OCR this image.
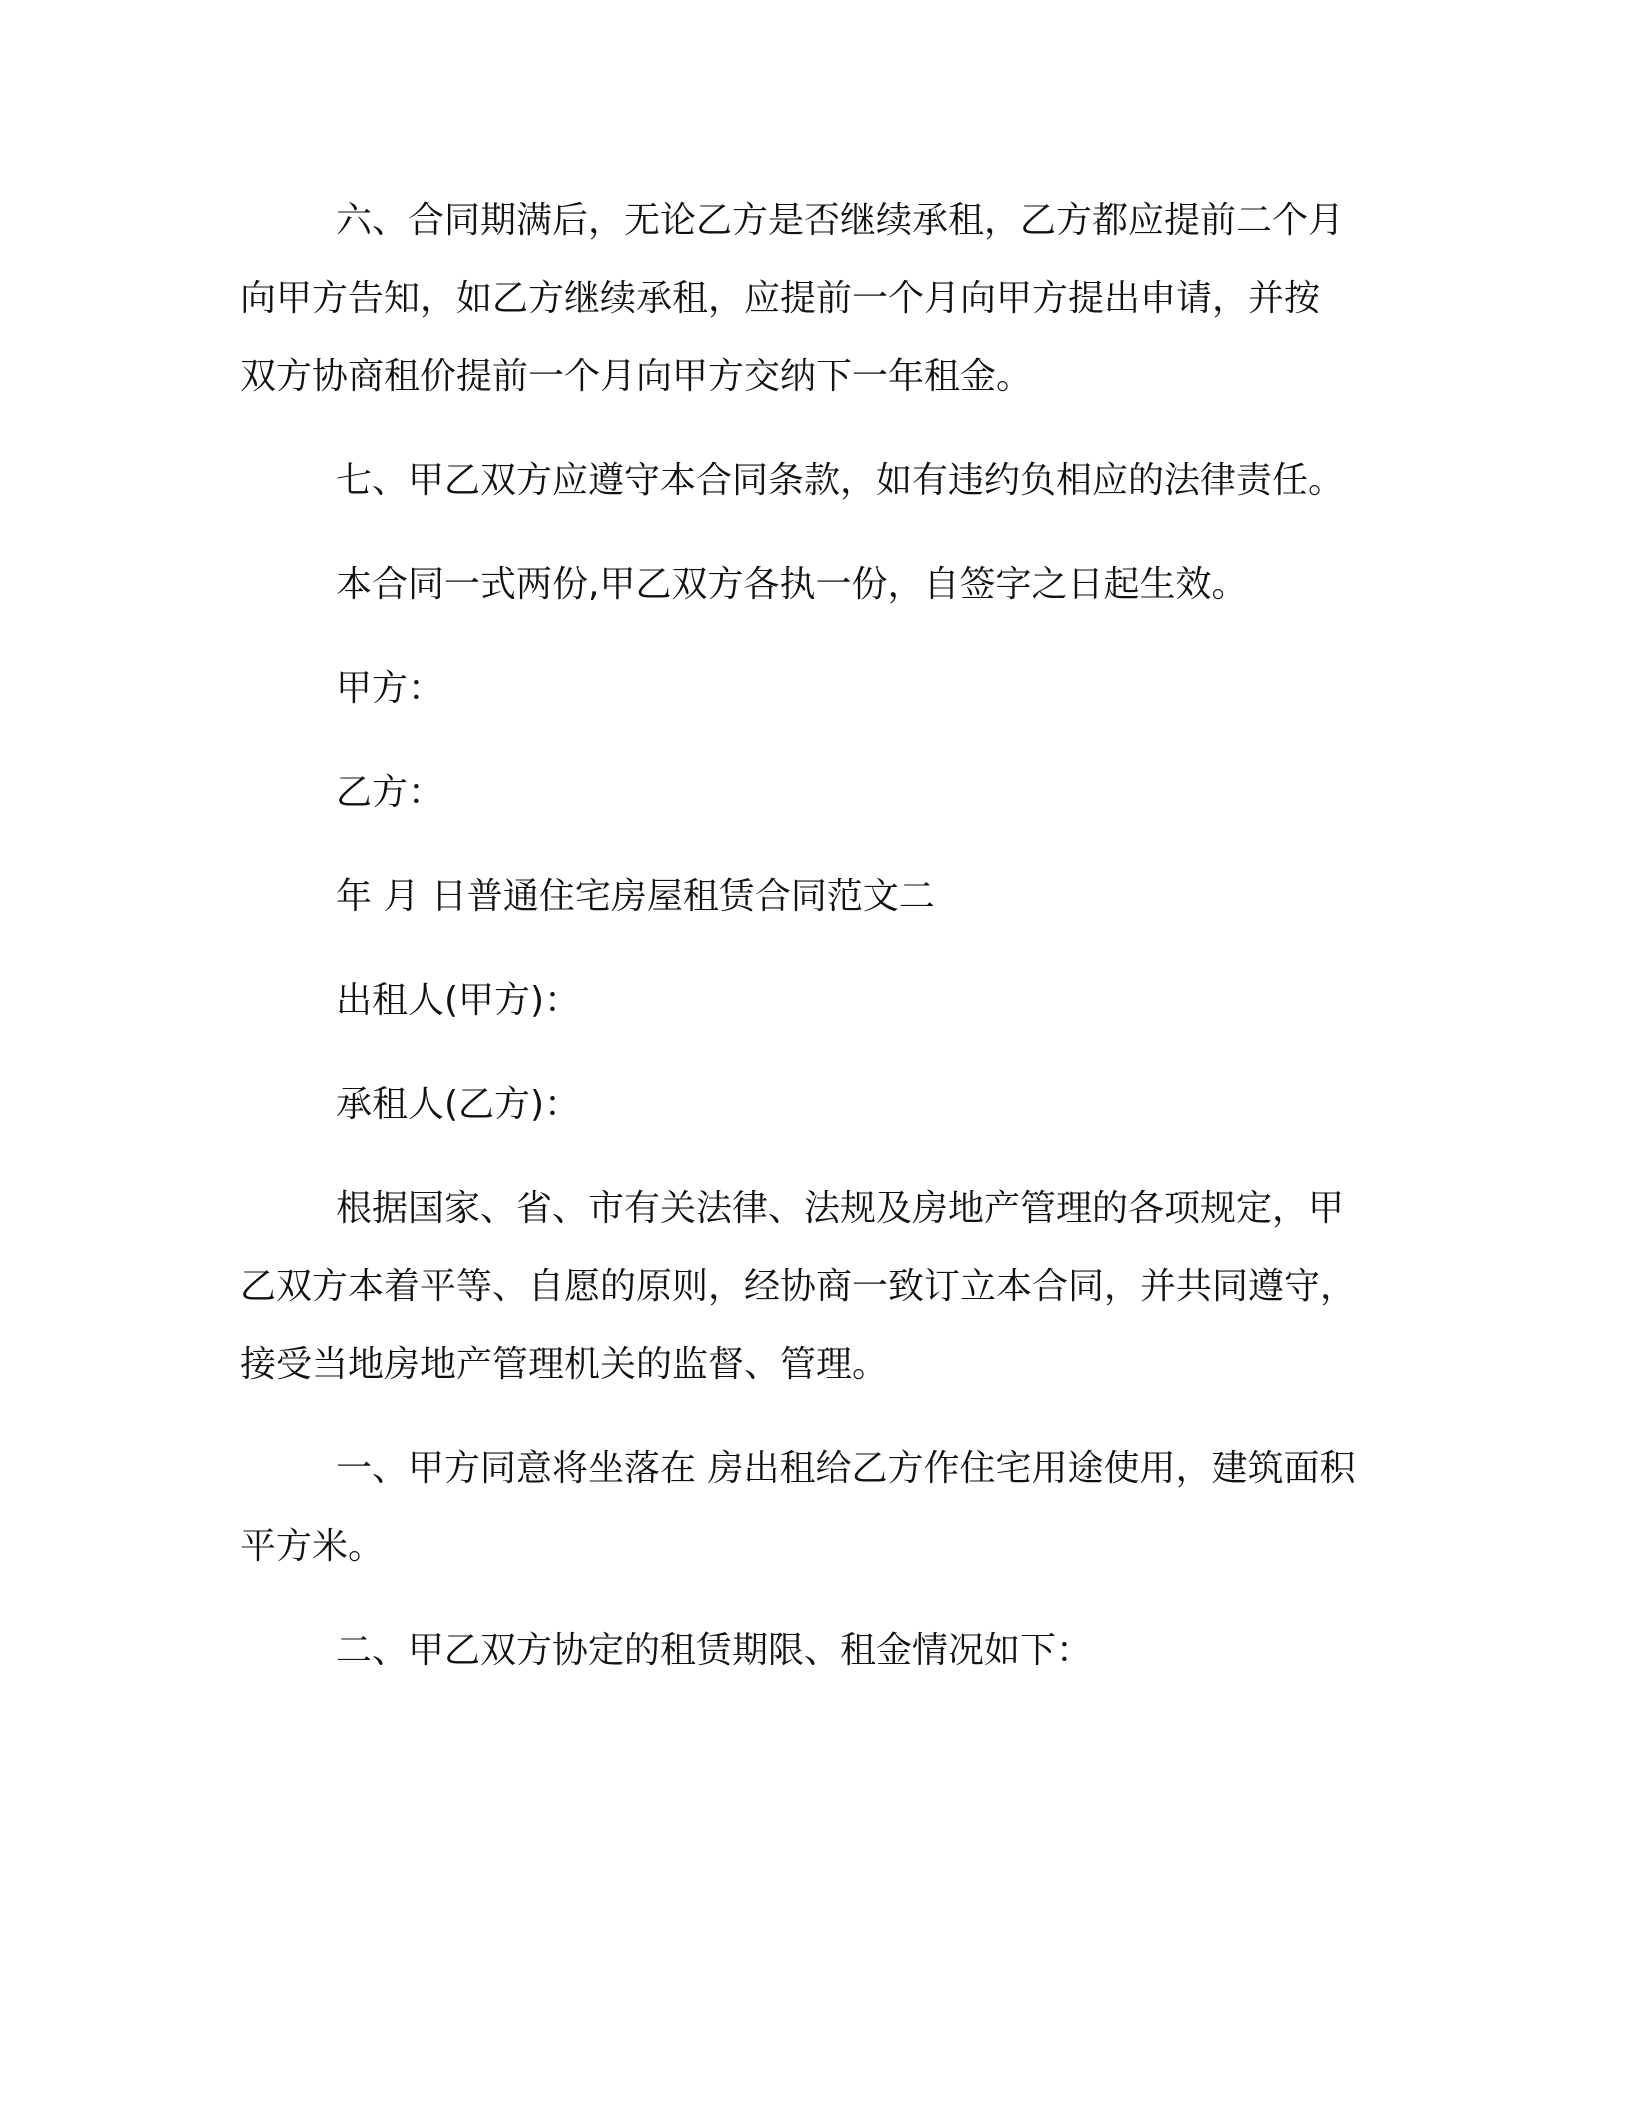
六、合同期满后，无论乙方是否继续承租，乙方都应提前二个月
向甲方告知，如乙方继续承租，应提前一个月向甲方提出申请，并按
双方协商租价提前一个月向甲方交纳下一年租金。

七、甲乙双方应遵守本合同条款，如有违约负相应的法律责任。

本合同一式两份,甲乙双方各执一份，自签字之日起生效。

甲方：

乙方：

年 月 日普通住宅房屋租赁合同范文二

出租人(甲方)：

承租人(乙方)：

根据国家、省、市有关法律、法规及房地产管理的各项规定，甲
乙双方本着平等、自愿的原则，经协商一致订立本合同，并共同遵守，
接受当地房地产管理机关的监督、管理。

一、甲方同意将坐落在 房出租给乙方作住宅用途使用，建筑面积
平方米。

二、甲乙双方协定的租赁期限、租金情况如下：
